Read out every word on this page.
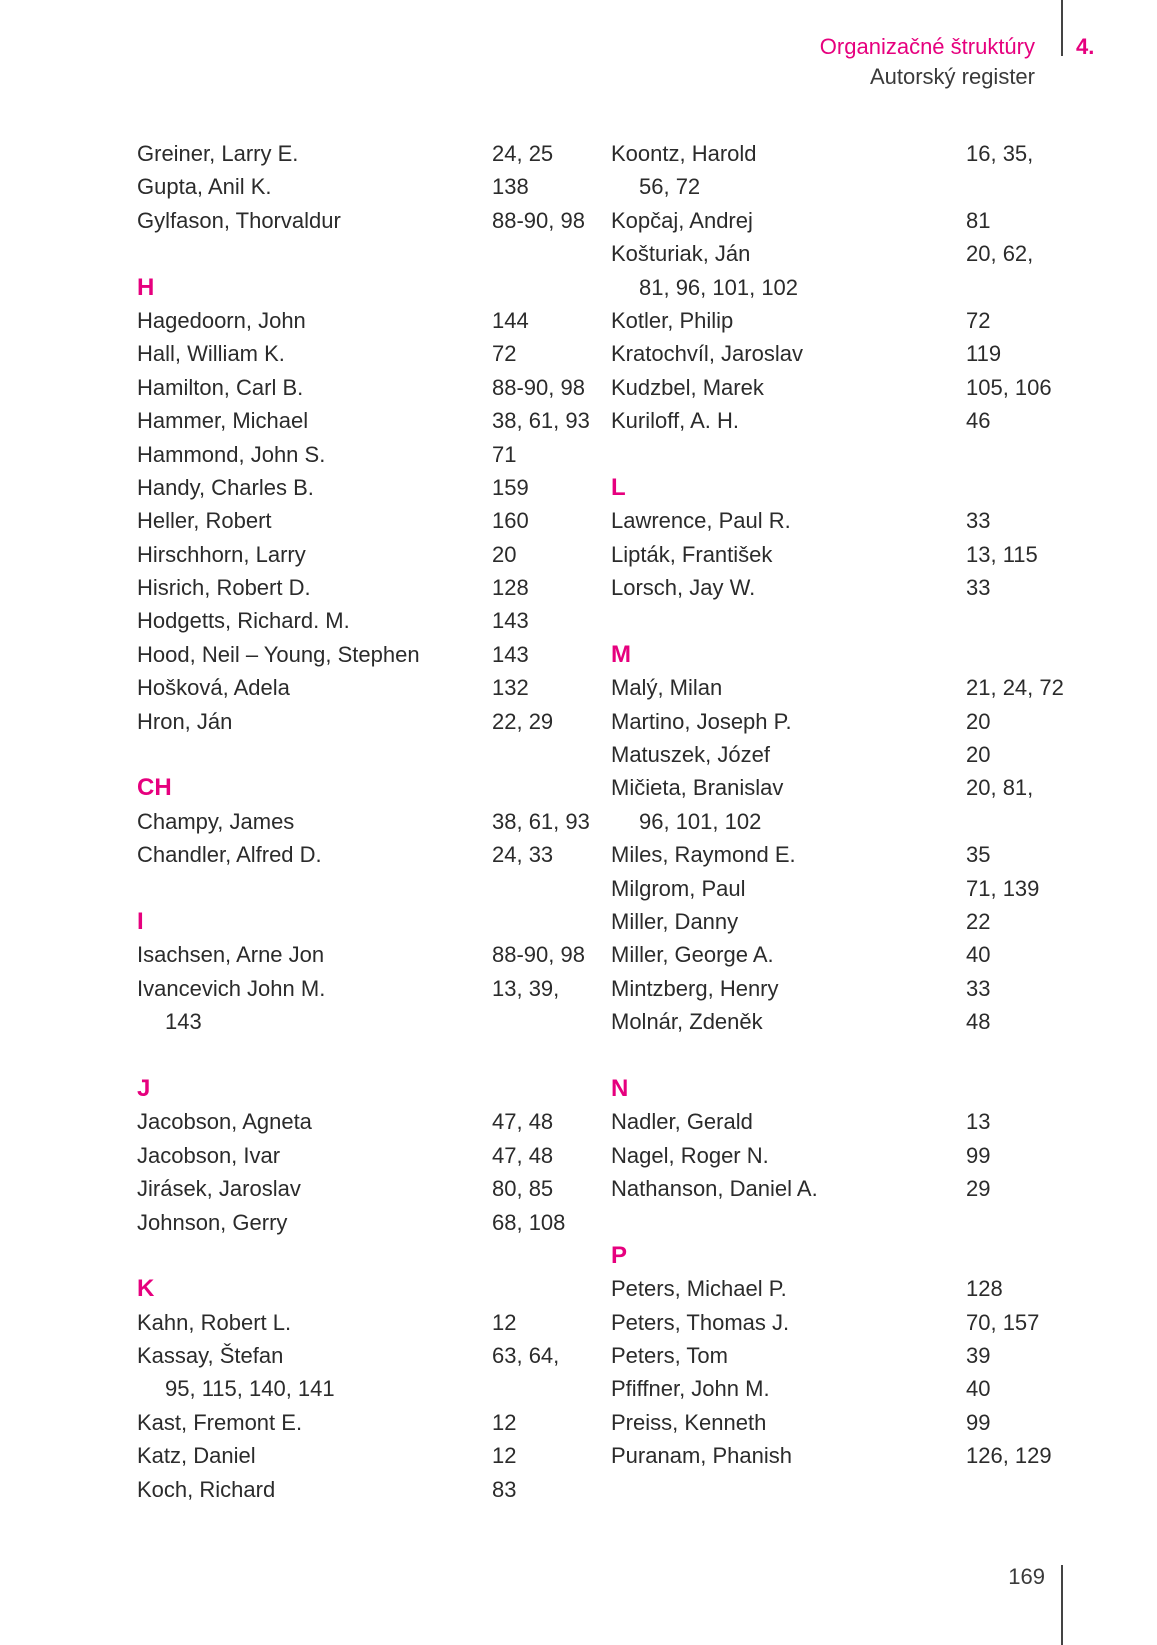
Organizačné štruktúry
Autorský register
4.
Greiner, Larry E.	24, 25
Gupta, Anil K.	138
Gylfason, Thorvaldur	88-90, 98
H
Hagedoorn, John	144
Hall, William K.	72
Hamilton, Carl B.	88-90, 98
Hammer, Michael	38, 61, 93
Hammond, John S.	71
Handy, Charles B.	159
Heller, Robert	160
Hirschhorn, Larry	20
Hisrich, Robert D.	128
Hodgetts, Richard. M.	143
Hood, Neil – Young, Stephen	143
Hošková, Adela	132
Hron, Ján	22, 29
CH
Champy, James	38, 61, 93
Chandler, Alfred D.	24, 33
I
Isachsen, Arne Jon	88-90, 98
Ivancevich John M.	13, 39,
143
J
Jacobson, Agneta	47, 48
Jacobson, Ivar	47, 48
Jirásek, Jaroslav	80, 85
Johnson, Gerry	68, 108
K
Kahn, Robert L.	12
Kassay, Štefan	63, 64,
95, 115, 140, 141
Kast, Fremont E.	12
Katz, Daniel	12
Koch, Richard	83
Koontz, Harold	16, 35,
56, 72
Kopčaj, Andrej	81
Košturiak, Ján	20, 62,
81, 96, 101, 102
Kotler, Philip	72
Kratochvíl, Jaroslav	119
Kudzbel, Marek	105, 106
Kuriloff, A. H.	46
L
Lawrence, Paul R.	33
Lipták, František	13, 115
Lorsch, Jay W.	33
M
Malý, Milan	21, 24, 72
Martino, Joseph P.	20
Matuszek, Józef	20
Mičieta, Branislav	20, 81,
96, 101, 102
Miles, Raymond E.	35
Milgrom, Paul	71, 139
Miller, Danny	22
Miller, George A.	40
Mintzberg, Henry	33
Molnár, Zdeněk	48
N
Nadler, Gerald	13
Nagel, Roger N.	99
Nathanson, Daniel A.	29
P
Peters, Michael P.	128
Peters, Thomas J.	70, 157
Peters, Tom	39
Pfiffner, John M.	40
Preiss, Kenneth	99
Puranam, Phanish	126, 129
169
